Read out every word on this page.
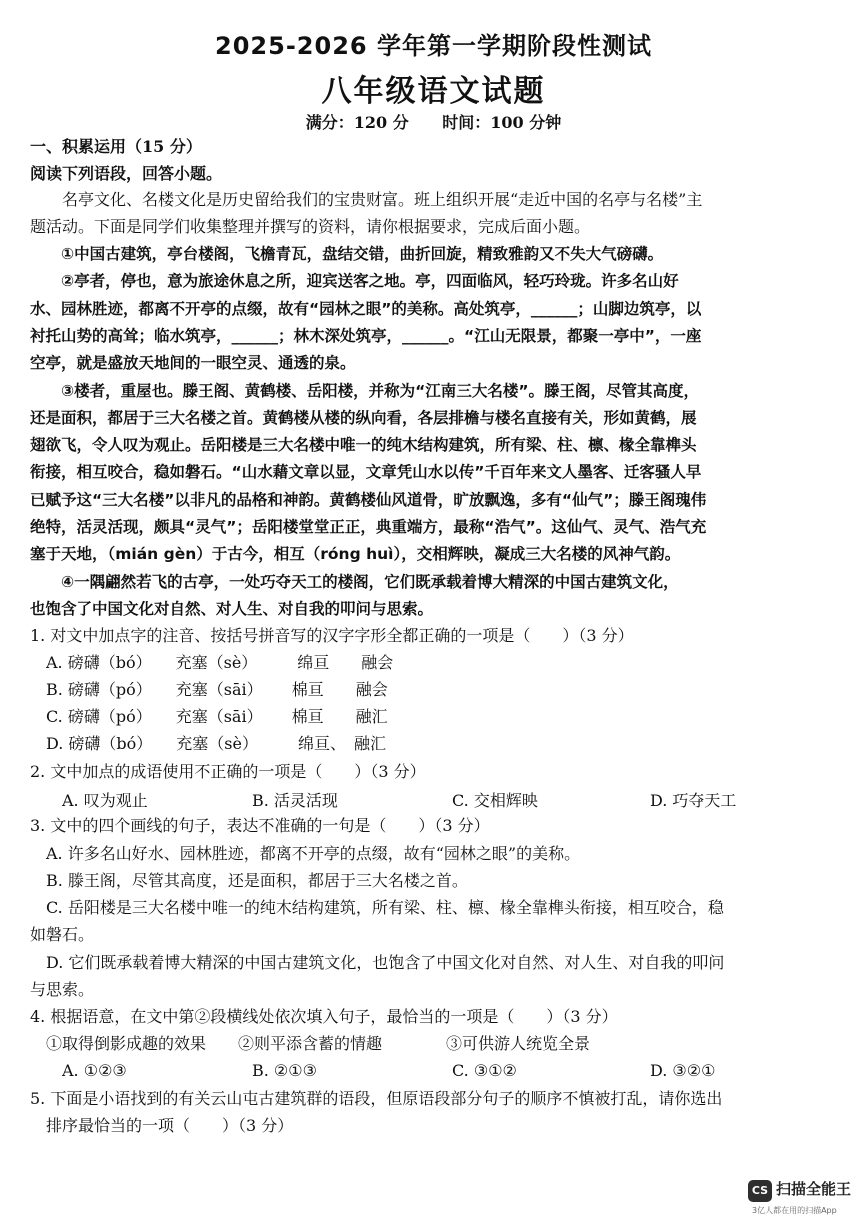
2025-2026 学年第一学期阶段性测试
八年级语文试题
满分：120 分 时间：100 分钟
一、积累运用（15 分）
阅读下列语段，回答小题。
　　名亭文化、名楼文化是历史留给我们的宝贵财富。班上组织开展“走近中国的名亭与名楼”主
题活动。下面是同学们收集整理并撰写的资料，请你根据要求，完成后面小题。
　　①中国古建筑，亭台楼阁，飞檐青瓦，盘结交错，曲折回旋，精致雅韵又不失大气磅礴。
　　②亭者，停也，意为旅途休息之所，迎宾送客之地。亭，四面临风，轻巧玲珑。许多名山好
水、园林胜迹，都离不开亭的点缀，故有“园林之眼”的美称。高处筑亭，______；山脚边筑亭，以
衬托山势的高耸；临水筑亭，______；林木深处筑亭，______。“江山无限景，都聚一亭中”，一座
空亭，就是盛放天地间的一眼空灵、通透的泉。
　　③楼者，重屋也。滕王阁、黄鹤楼、岳阳楼，并称为“江南三大名楼”。滕王阁，尽管其高度，
还是面积，都居于三大名楼之首。黄鹤楼从楼的纵向看，各层排檐与楼名直接有关，形如黄鹤，展
翅欲飞，令人叹为观止。岳阳楼是三大名楼中唯一的纯木结构建筑，所有梁、柱、檩、椽全靠榫头
衔接，相互咬合，稳如磐石。“山水藉文章以显，文章凭山水以传”千百年来文人墨客、迁客骚人早
已赋予这“三大名楼”以非凡的品格和神韵。黄鹤楼仙风道骨，旷放飘逸，多有“仙气”；滕王阁瑰伟
绝特，活灵活现，颇具“灵气”；岳阳楼堂堂正正，典重端方，最称“浩气”。这仙气、灵气、浩气充
塞于天地，（mián gèn）于古今，相互（róng huì），交相辉映，凝成三大名楼的风神气韵。
　　④一隅翩然若飞的古亭，一处巧夺天工的楼阁，它们既承载着博大精深的中国古建筑文化，
也饱含了中国文化对自然、对人生、对自我的叩问与思索。
1. 对文中加点字的注音、按括号拼音写的汉字字形全都正确的一项是（　　）（3 分）
　A. 磅礴（bó）　　充塞（sè）　　　绵亘　　融会
　B. 磅礴（pó）　　充塞（sāi）　　 棉亘　　融会
　C. 磅礴（pó）　　充塞（sāi）　　 棉亘　　融汇
　D. 磅礴（bó）　　充塞（sè）　　　绵亘、　融汇
2. 文中加点的成语使用不正确的一项是（　　）（3 分）
A. 叹为观止	B. 活灵活现	C. 交相辉映	D. 巧夺天工
3. 文中的四个画线的句子，表达不准确的一句是（　　）（3 分）
　A. 许多名山好水、园林胜迹，都离不开亭的点缀，故有“园林之眼”的美称。
　B. 滕王阁，尽管其高度，还是面积，都居于三大名楼之首。
　C. 岳阳楼是三大名楼中唯一的纯木结构建筑，所有梁、柱、檩、椽全靠榫头衔接，相互咬合，稳
如磐石。
　D. 它们既承载着博大精深的中国古建筑文化，也饱含了中国文化对自然、对人生、对自我的叩问
与思索。
4. 根据语意，在文中第②段横线处依次填入句子，最恰当的一项是（　　）（3 分）
　①取得倒影成趣的效果　　②则平添含蓄的情趣　　　　③可供游人统览全景
A. ①②③	B. ②①③	C. ③①②	D. ③②①
5. 下面是小语找到的有关云山屯古建筑群的语段，但原语段部分句子的顺序不慎被打乱，请你选出
　排序最恰当的一项（　　）（3 分）
CS 扫描全能王
3亿人都在用的扫描App
